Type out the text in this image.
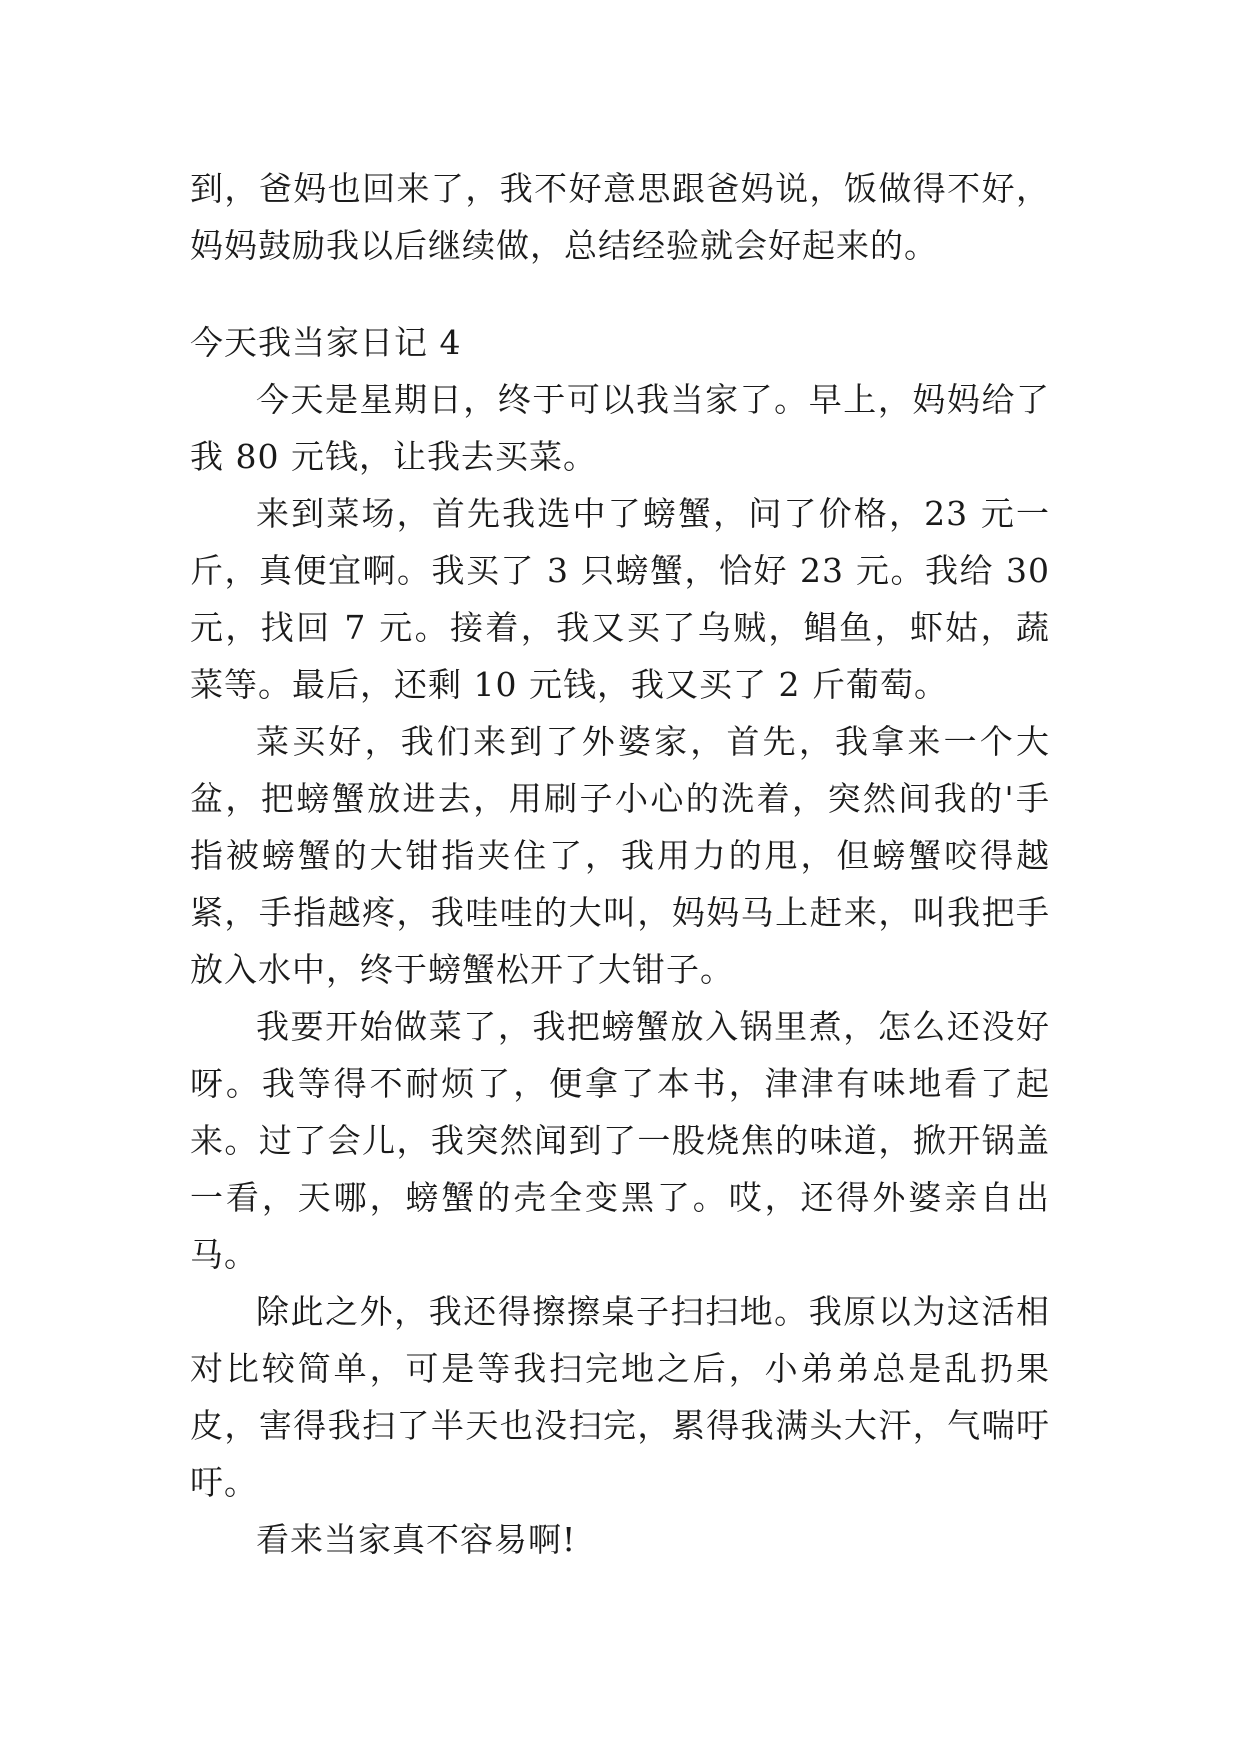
到，爸妈也回来了，我不好意思跟爸妈说，饭做得不好，妈妈鼓励我以后继续做，总结经验就会好起来的。

今天我当家日记 4

今天是星期日，终于可以我当家了。早上，妈妈给了我 80 元钱，让我去买菜。

来到菜场，首先我选中了螃蟹，问了价格，23 元一斤，真便宜啊。我买了 3 只螃蟹，恰好 23 元。我给 30 元，找回 7 元。接着，我又买了乌贼，鲳鱼，虾姑，蔬菜等。最后，还剩 10 元钱，我又买了 2 斤葡萄。

菜买好，我们来到了外婆家，首先，我拿来一个大盆，把螃蟹放进去，用刷子小心的洗着，突然间我的'手指被螃蟹的大钳指夹住了，我用力的甩，但螃蟹咬得越紧，手指越疼，我哇哇的大叫，妈妈马上赶来，叫我把手放入水中，终于螃蟹松开了大钳子。

我要开始做菜了，我把螃蟹放入锅里煮，怎么还没好呀。我等得不耐烦了，便拿了本书，津津有味地看了起来。过了会儿，我突然闻到了一股烧焦的味道，掀开锅盖一看，天哪，螃蟹的壳全变黑了。哎，还得外婆亲自出马。

除此之外，我还得擦擦桌子扫扫地。我原以为这活相对比较简单，可是等我扫完地之后，小弟弟总是乱扔果皮，害得我扫了半天也没扫完，累得我满头大汗，气喘吁吁。

看来当家真不容易啊!
